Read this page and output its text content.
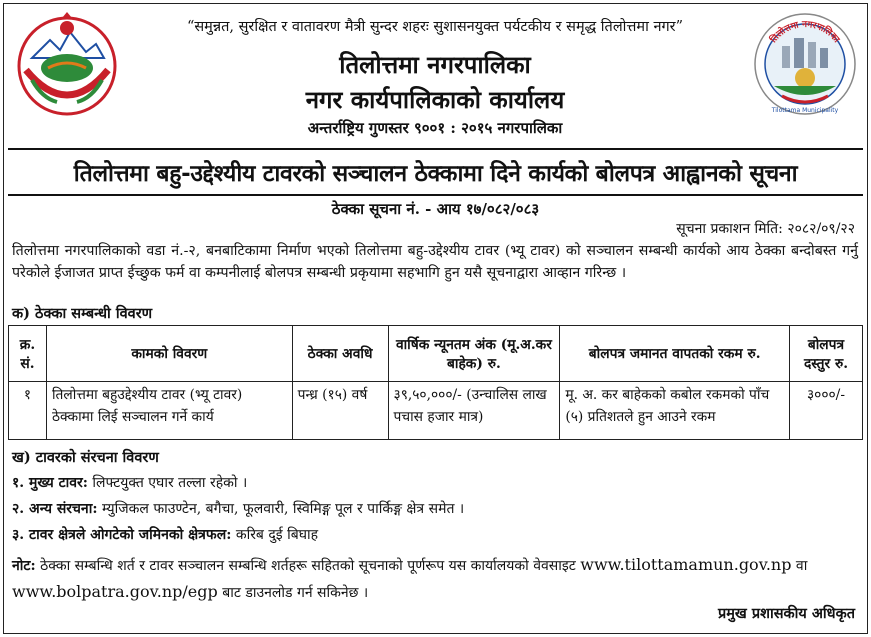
तिलोत्तमा नगरपालिका
Tilottama Municipality
“समुन्नत, सुरक्षित र वातावरण मैत्री सुन्दर शहरः सुशासनयुक्त पर्यटकीय र समृद्ध तिलोत्तमा नगर”
तिलोत्तमा नगरपालिका
नगर कार्यपालिकाको कार्यालय
अन्तर्राष्ट्रिय गुणस्तर ९००१ : २०१५ नगरपालिका
तिलोत्तमा बहु-उद्देश्यीय टावरको सञ्चालन ठेक्कामा दिने कार्यको बोलपत्र आह्वानको सूचना
ठेक्का सूचना नं. - आय १७/०८२/०८३
सूचना प्रकाशन मिति: २०८२/०९/२२
तिलोत्तमा नगरपालिकाको वडा नं.-२, बनबाटिकामा निर्माण भएको तिलोत्तमा बहु-उद्देश्यीय टावर (भ्यू टावर) को सञ्चालन सम्बन्धी कार्यको आय ठेक्का बन्दोबस्त गर्नु परेकोले ईजाजत प्राप्त ईच्छुक फर्म वा कम्पनीलाई बोलपत्र सम्बन्धी प्रकृयामा सहभागि हुन यसै सूचनाद्वारा आव्हान गरिन्छ ।
क) ठेक्का सम्बन्धी विवरण
क्र. सं.	कामको विवरण	ठेक्का अवधि	वार्षिक न्यूनतम अंक (मू.अ.कर बाहेक) रु.	बोलपत्र जमानत वापतको रकम रु.	बोलपत्र दस्तुर रु.
१	तिलोत्तमा बहुउद्देश्यीय टावर (भ्यू टावर) ठेक्कामा लिई सञ्चालन गर्ने कार्य	पन्ध्र (१५) वर्ष	३९,५०,०००/- (उन्चालिस लाख पचास हजार मात्र)	मू. अ. कर बाहेकको कबोल रकमको पाँच (५) प्रतिशतले हुन आउने रकम	३०००/-
ख) टावरको संरचना विवरण
१. मुख्य टावर: लिफ्टयुक्त एघार तल्ला रहेको ।
२. अन्य संरचना: म्युजिकल फाउण्टेन, बगैचा, फूलवारी, स्विमिङ्ग पूल र पार्किङ्ग क्षेत्र समेत ।
३. टावर क्षेत्रले ओगटेको जमिनको क्षेत्रफल: करिब दुई बिघाह
नोट: ठेक्का सम्बन्धि शर्त र टावर सञ्चालन सम्बन्धि शर्तहरू सहितको सूचनाको पूर्णरूप यस कार्यालयको वेवसाइट www.tilottamamun.gov.np वा www.bolpatra.gov.np/egp बाट डाउनलोड गर्न सकिनेछ ।
प्रमुख प्रशासकीय अधिकृत
